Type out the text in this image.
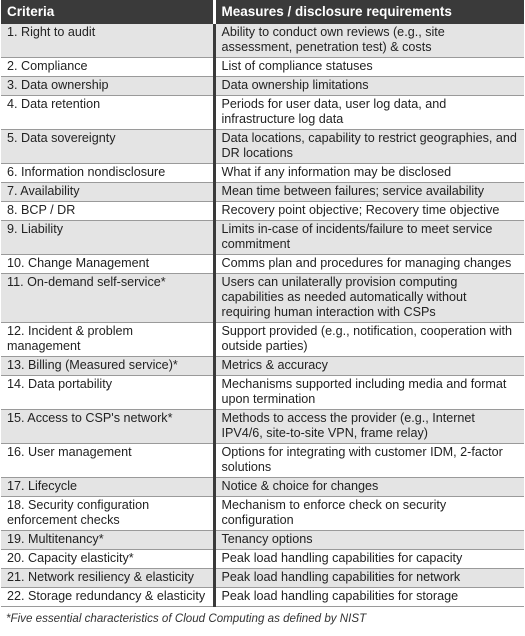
Criteria	Measures / disclosure requirements
1. Right to audit	Ability to conduct own reviews (e.g., site assessment, penetration test) & costs
2. Compliance	List of compliance statuses
3. Data ownership	Data ownership limitations
4. Data retention	Periods for user data, user log data, and infrastructure log data
5. Data sovereignty	Data locations, capability to restrict geographies, and DR locations
6. Information nondisclosure	What if any information may be disclosed
7. Availability	Mean time between failures; service availability
8. BCP / DR	Recovery point objective; Recovery time objective
9. Liability	Limits in-case of incidents/failure to meet service commitment
10. Change Management	Comms plan and procedures for managing changes
11. On-demand self-service*	Users can unilaterally provision computing capabilities as needed automatically without requiring human interaction with CSPs
12. Incident & problem management	Support provided (e.g., notification, cooperation with outside parties)
13. Billing (Measured service)*	Metrics & accuracy
14. Data portability	Mechanisms supported including media and format upon termination
15. Access to CSP's network*	Methods to access the provider (e.g., Internet IPV4/6, site-to-site VPN, frame relay)
16. User management	Options for integrating with customer IDM, 2-factor solutions
17. Lifecycle	Notice & choice for changes
18. Security configuration enforcement checks	Mechanism to enforce check on security configuration
19. Multitenancy*	Tenancy options
20. Capacity elasticity*	Peak load handling capabilities for capacity
21. Network resiliency & elasticity	Peak load handling capabilities for network
22. Storage redundancy & elasticity	Peak load handling capabilities for storage
*Five essential characteristics of Cloud Computing as defined by NIST
